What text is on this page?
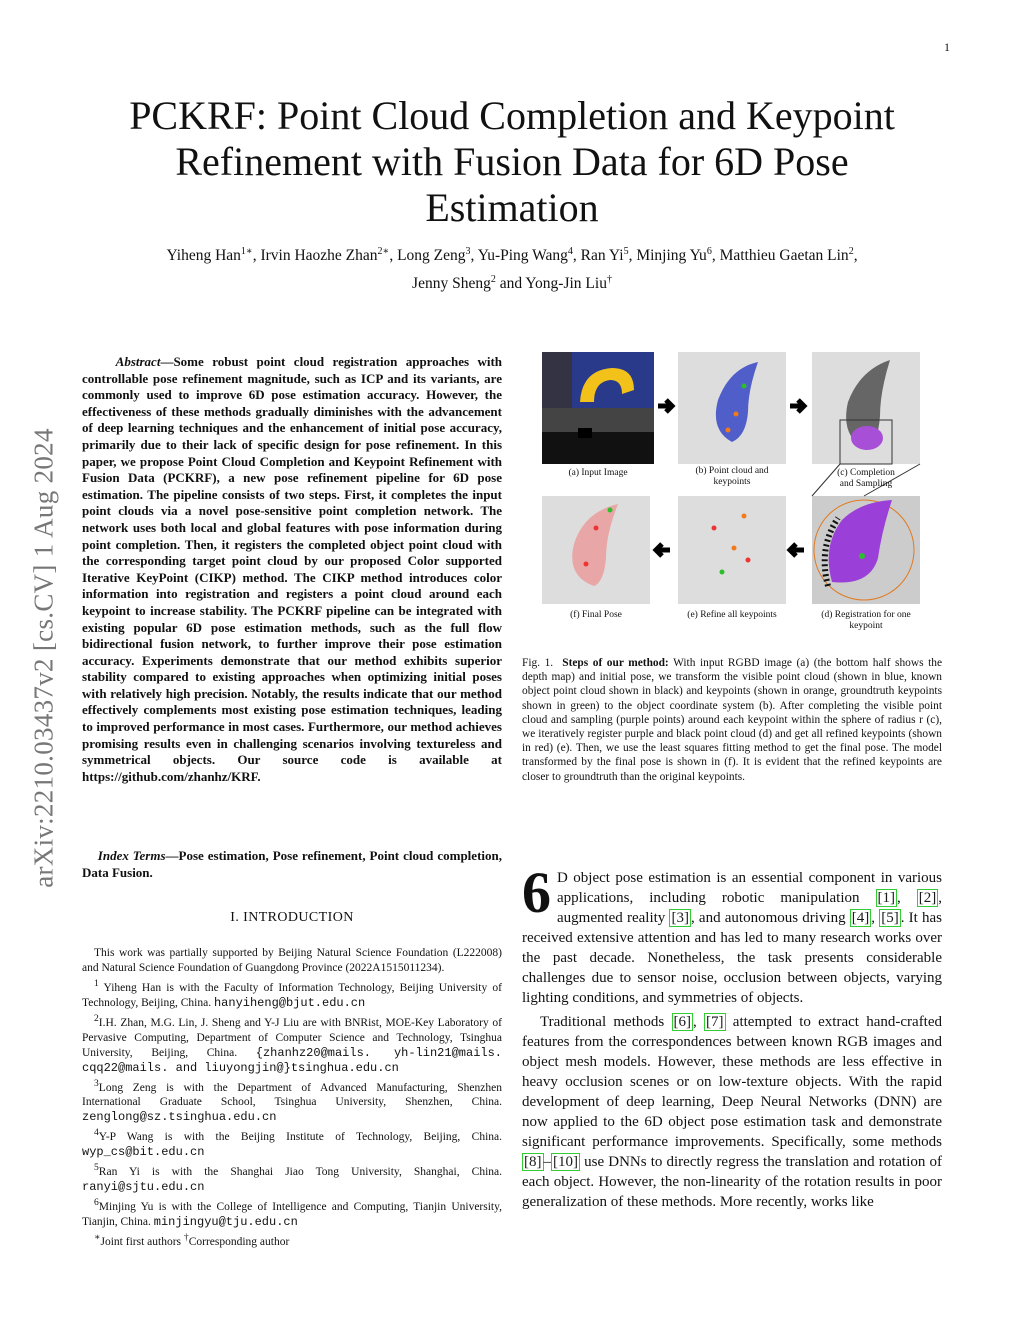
1
arXiv:2210.03437v2 [cs.CV] 1 Aug 2024
PCKRF: Point Cloud Completion and Keypoint Refinement with Fusion Data for 6D Pose Estimation
Yiheng Han$^{1∗}$, Irvin Haozhe Zhan$^{2∗}$, Long Zeng$^3$, Yu-Ping Wang$^4$, Ran Yi$^5$, Minjing Yu$^6$, Matthieu Gaetan Lin$^2$,
Jenny Sheng$^2$ and Yong-Jin Liu†
Abstract—Some robust point cloud registration approaches with controllable pose refinement magnitude, such as ICP and its variants, are commonly used to improve 6D pose estimation accuracy. However, the effectiveness of these methods gradually diminishes with the advancement of deep learning techniques and the enhancement of initial pose accuracy, primarily due to their lack of specific design for pose refinement. In this paper, we propose Point Cloud Completion and Keypoint Refinement with Fusion Data (PCKRF), a new pose refinement pipeline for 6D pose estimation. The pipeline consists of two steps. First, it completes the input point clouds via a novel pose-sensitive point completion network. The network uses both local and global features with pose information during point completion. Then, it registers the completed object point cloud with the corresponding target point cloud by our proposed Color supported Iterative KeyPoint (CIKP) method. The CIKP method introduces color information into registration and registers a point cloud around each keypoint to increase stability. The PCKRF pipeline can be integrated with existing popular 6D pose estimation methods, such as the full flow bidirectional fusion network, to further improve their pose estimation accuracy. Experiments demonstrate that our method exhibits superior stability compared to existing approaches when optimizing initial poses with relatively high precision. Notably, the results indicate that our method effectively complements most existing pose estimation techniques, leading to improved performance in most cases. Furthermore, our method achieves promising results even in challenging scenarios involving textureless and symmetrical objects. Our source code is available at https://github.com/zhanhz/KRF.
Index Terms—Pose estimation, Pose refinement, Point cloud completion, Data Fusion.
I. INTRODUCTION

This work was partially supported by Beijing Natural Science Foundation (L222008) and Natural Science Foundation of Guangdong Province (2022A1515011234).

$^1$ Yiheng Han is with the Faculty of Information Technology, Beijing University of Technology, Beijing, China. hanyiheng@bjut.edu.cn

$^2$I.H. Zhan, M.G. Lin, J. Sheng and Y-J Liu are with BNRist, MOE-Key Laboratory of Pervasive Computing, Department of Computer Science and Technology, Tsinghua University, Beijing, China. {zhanhz20@mails. yh-lin21@mails. cqq22@mails. and liuyongjin@}tsinghua.edu.cn

$^3$Long Zeng is with the Department of Advanced Manufacturing, Shenzhen International Graduate School, Tsinghua University, Shenzhen, China. zenglong@sz.tsinghua.edu.cn

$^4$Y-P Wang is with the Beijing Institute of Technology, Beijing, China. wyp_cs@bit.edu.cn

$^5$Ran Yi is with the Shanghai Jiao Tong University, Shanghai, China. ranyi@sjtu.edu.cn

$^6$Minjing Yu is with the College of Intelligence and Computing, Tianjin University, Tianjin, China. minjingyu@tju.edu.cn

∗Joint first authors †Corresponding author

(a) Input Image	(b) Point cloud and
keypoints
(c) Completion
and Sampling
(f) Final Pose	(e) Refine all keypoints	(d) Registration for one
keypoint
Fig. 1. Steps of our method: With input RGBD image (a) (the bottom half shows the depth map) and initial pose, we transform the visible point cloud (shown in blue, known object point cloud shown in black) and keypoints (shown in orange, groundtruth keypoints shown in green) to the object coordinate system (b). After completing the visible point cloud and sampling (purple points) around each keypoint within the sphere of radius r (c), we iteratively register purple and black point cloud (d) and get all refined keypoints (shown in red) (e). Then, we use the least squares fitting method to get the final pose. The model transformed by the final pose is shown in (f). It is evident that the refined keypoints are closer to groundtruth than the original keypoints.

6 D object pose estimation is an essential component in various applications, including robotic manipulation [1] , [2] , augmented reality [3] , and autonomous driving [4] , [5] . It has received extensive attention and has led to many research works over the past decade. Nonetheless, the task presents considerable challenges due to sensor noise, occlusion between objects, varying lighting conditions, and symmetries of objects.

Traditional methods [6] , [7] attempted to extract hand-crafted features from the correspondences between known RGB images and object mesh models. However, these methods are less effective in heavy occlusion scenes or on low-texture objects. With the rapid development of deep learning, Deep Neural Networks (DNN) are now applied to the 6D object pose estimation task and demonstrate significant performance improvements. Specifically, some methods [8] – [10] use DNNs to directly regress the translation and rotation of each object. However, the non-linearity of the rotation results in poor generalization of these methods. More recently, works like
